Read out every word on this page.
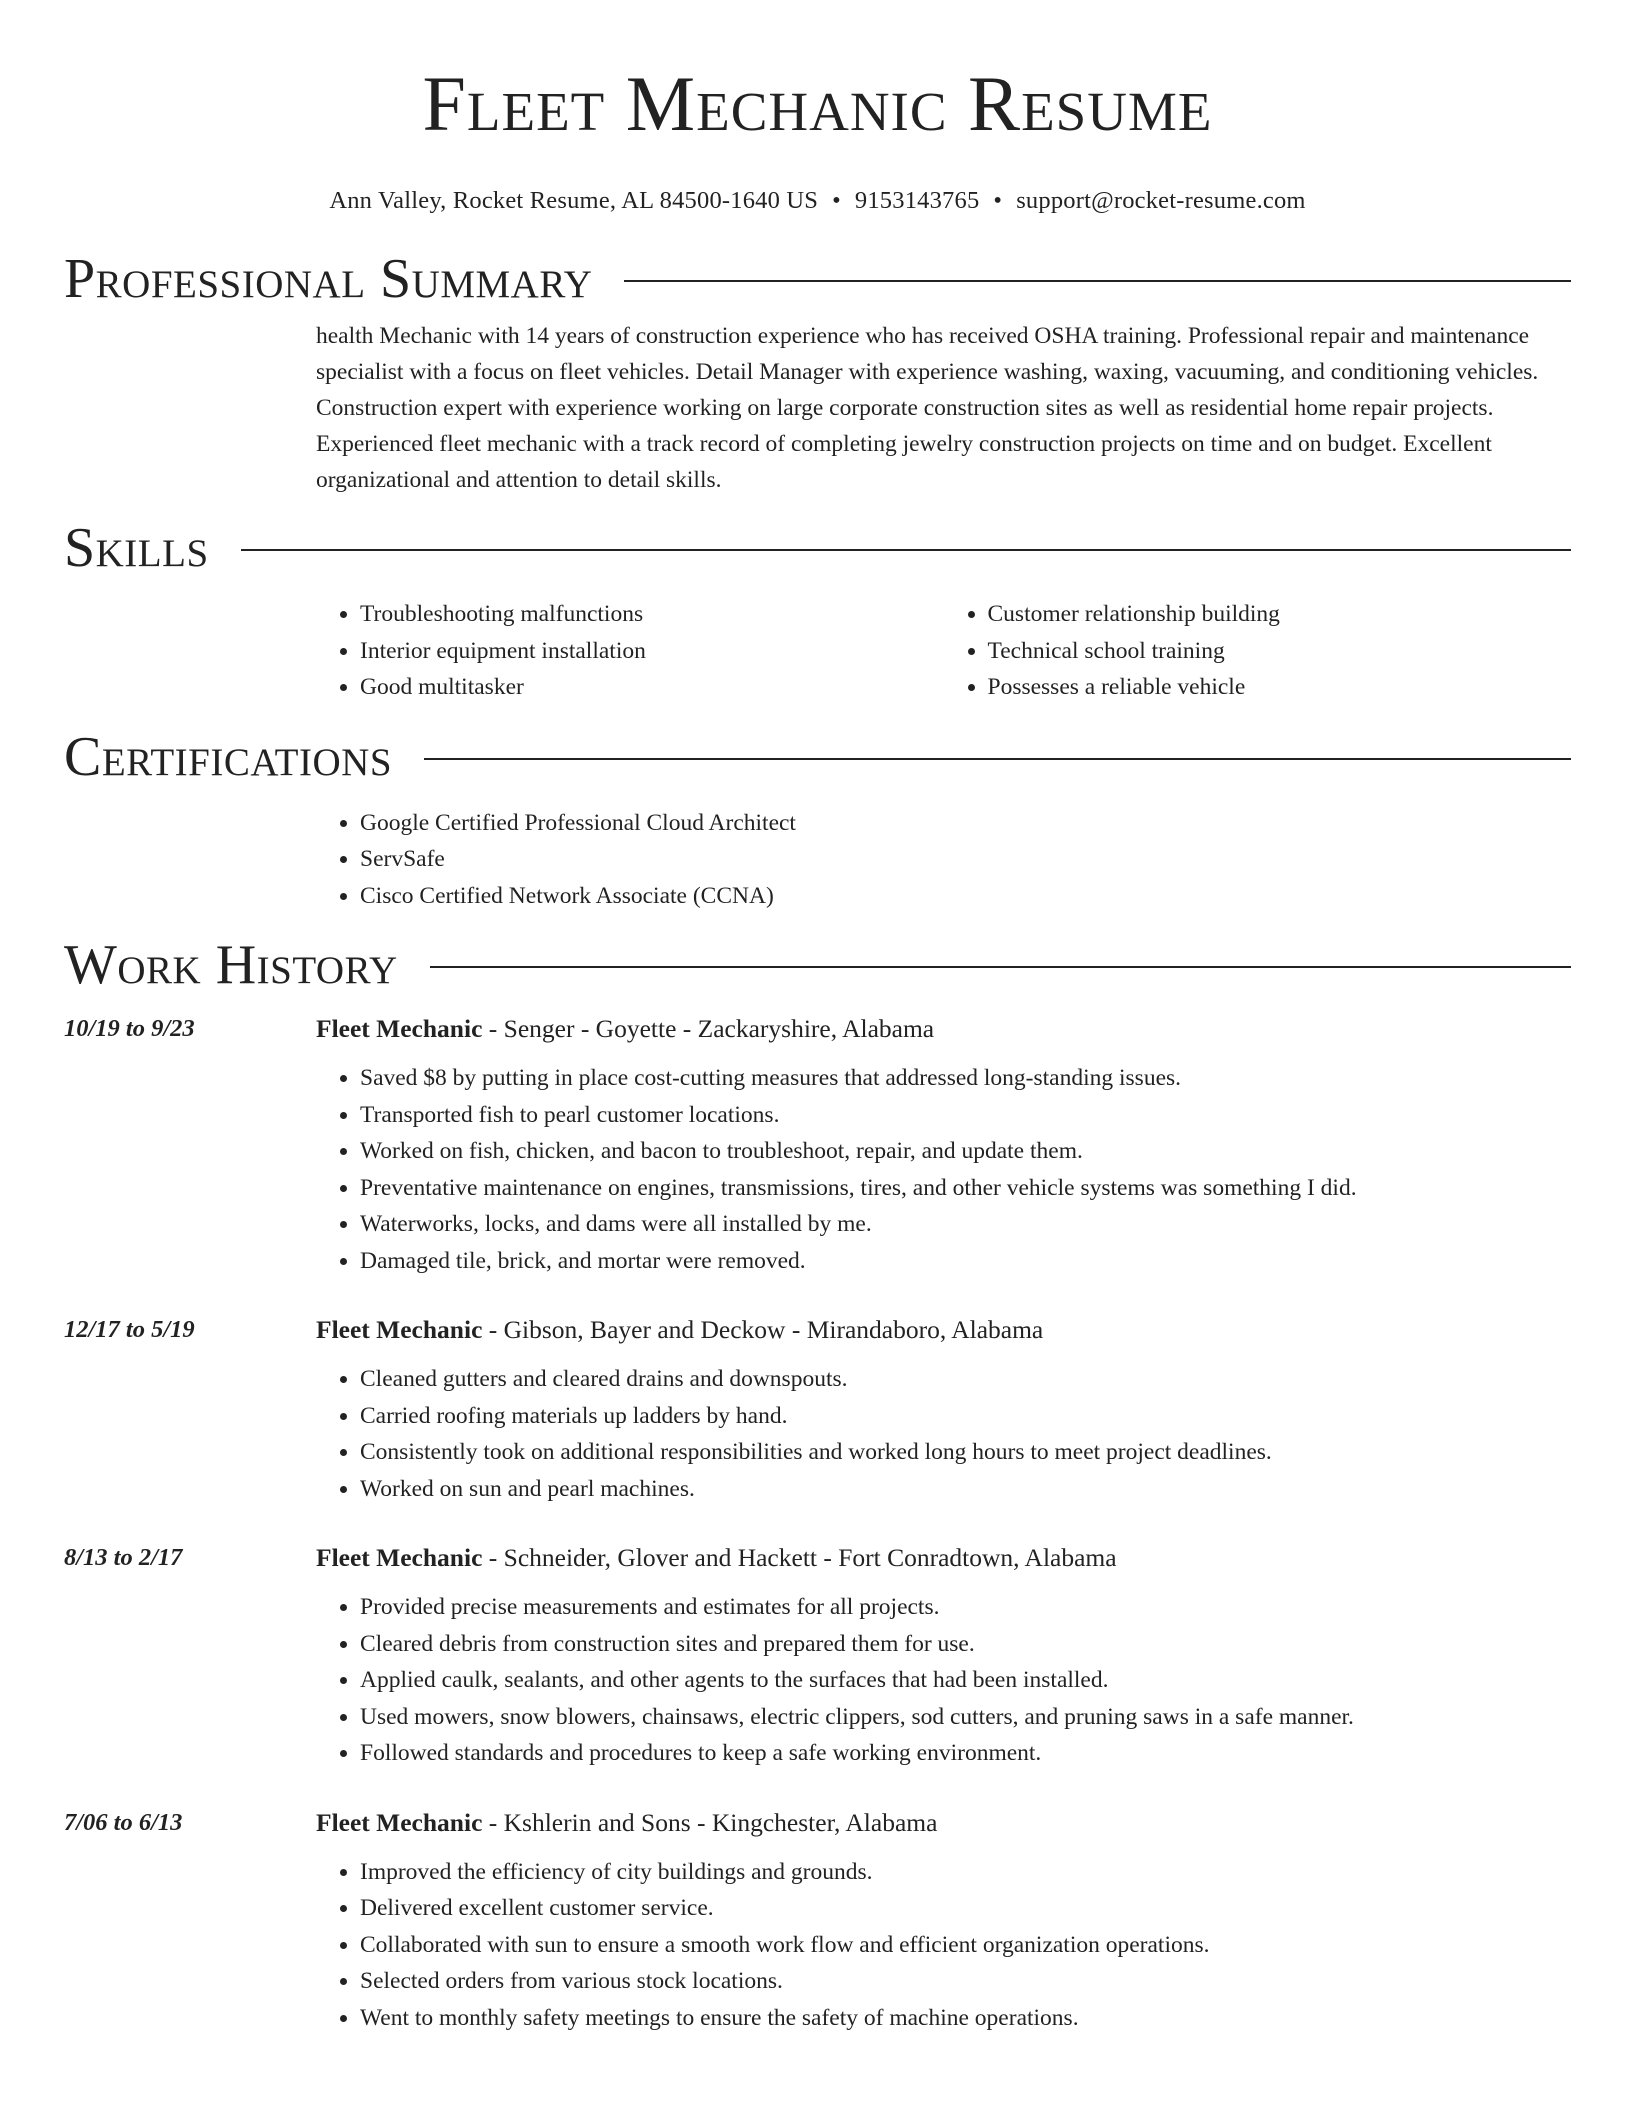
Fleet Mechanic Resume
Ann Valley, Rocket Resume, AL 84500-1640 US • 9153143765 • support@rocket-resume.com
Professional Summary
health Mechanic with 14 years of construction experience who has received OSHA training. Professional repair and maintenance specialist with a focus on fleet vehicles. Detail Manager with experience washing, waxing, vacuuming, and conditioning vehicles. Construction expert with experience working on large corporate construction sites as well as residential home repair projects. Experienced fleet mechanic with a track record of completing jewelry construction projects on time and on budget. Excellent organizational and attention to detail skills.
Skills
• Troubleshooting malfunctions
• Interior equipment installation
• Good multitasker
• Customer relationship building
• Technical school training
• Possesses a reliable vehicle
Certifications
• Google Certified Professional Cloud Architect
• ServSafe
• Cisco Certified Network Associate (CCNA)
Work History
10/19 to 9/23	Fleet Mechanic - Senger - Goyette - Zackaryshire, Alabama
• Saved $8 by putting in place cost-cutting measures that addressed long-standing issues.
• Transported fish to pearl customer locations.
• Worked on fish, chicken, and bacon to troubleshoot, repair, and update them.
• Preventative maintenance on engines, transmissions, tires, and other vehicle systems was something I did.
• Waterworks, locks, and dams were all installed by me.
• Damaged tile, brick, and mortar were removed.
12/17 to 5/19	Fleet Mechanic - Gibson, Bayer and Deckow - Mirandaboro, Alabama
• Cleaned gutters and cleared drains and downspouts.
• Carried roofing materials up ladders by hand.
• Consistently took on additional responsibilities and worked long hours to meet project deadlines.
• Worked on sun and pearl machines.
8/13 to 2/17	Fleet Mechanic - Schneider, Glover and Hackett - Fort Conradtown, Alabama
• Provided precise measurements and estimates for all projects.
• Cleared debris from construction sites and prepared them for use.
• Applied caulk, sealants, and other agents to the surfaces that had been installed.
• Used mowers, snow blowers, chainsaws, electric clippers, sod cutters, and pruning saws in a safe manner.
• Followed standards and procedures to keep a safe working environment.
7/06 to 6/13	Fleet Mechanic - Kshlerin and Sons - Kingchester, Alabama
• Improved the efficiency of city buildings and grounds.
• Delivered excellent customer service.
• Collaborated with sun to ensure a smooth work flow and efficient organization operations.
• Selected orders from various stock locations.
• Went to monthly safety meetings to ensure the safety of machine operations.
